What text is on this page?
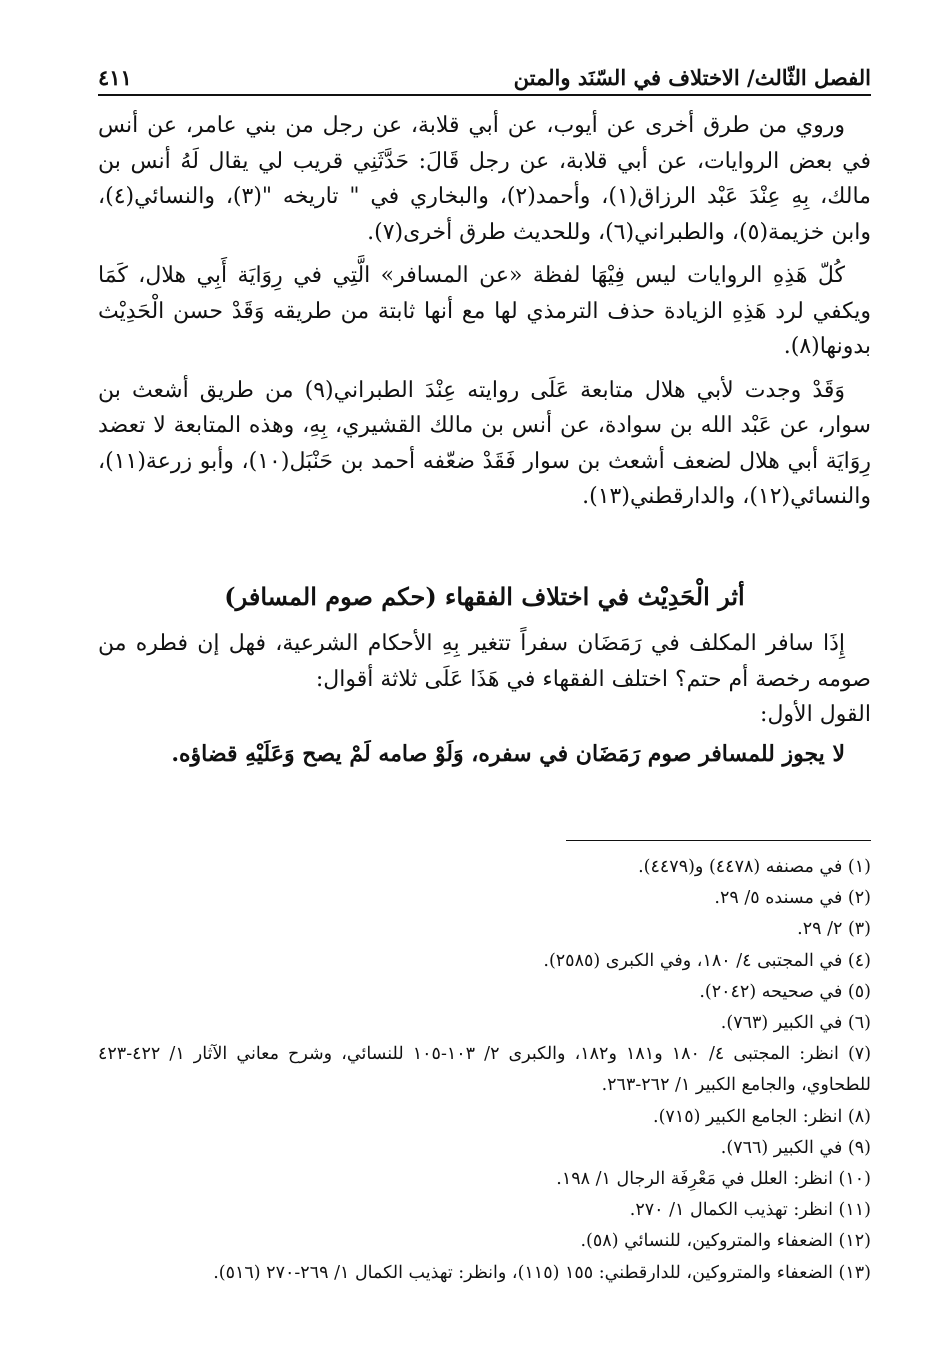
الفصل الثّالث/ الاختلاف في السّنَد والمتن
٤١١

وروي من طرق أخرى عن أيوب، عن أبي قلابة، عن رجل من بني عامر، عن أنس في بعض الروايات، عن أبي قلابة، عن رجل قَالَ: حَدَّثَنِي قريب لي يقال لَهُ أنس بن مالك، بِهِ عِنْدَ عَبْد الرزاق(١)، وأحمد(٢)، والبخاري في " تاريخه "(٣)، والنسائي(٤)، وابن خزيمة(٥)، والطبراني(٦)، وللحديث طرق أخرى(٧).

كُلّ هَذِهِ الروايات ليس فِيْهَا لفظة «عن المسافر» الَّتِي في رِوَايَة أَبِي هلال، كَمَا ويكفي لرد هَذِهِ الزيادة حذف الترمذي لها مع أنها ثابتة من طريقه وَقَدْ حسن الْحَدِيْث بدونها(٨).

وَقَدْ وجدت لأبي هلال متابعة عَلَى روايته عِنْدَ الطبراني(٩) من طريق أشعث بن سوار، عن عَبْد الله بن سوادة، عن أنس بن مالك القشيري، بِهِ، وهذه المتابعة لا تعضد رِوَايَة أبي هلال لضعف أشعث بن سوار فَقَدْ ضعّفه أحمد بن حَنْبَل(١٠)، وأبو زرعة(١١)، والنسائي(١٢)، والدارقطني(١٣).

أثر الْحَدِيْث في اختلاف الفقهاء (حكم صوم المسافر)

إِذَا سافر المكلف في رَمَضَان سفراً تتغير بِهِ الأحكام الشرعية، فهل إن فطره من صومه رخصة أم حتم؟ اختلف الفقهاء في هَذَا عَلَى ثلاثة أقوال:

القول الأول:

لا يجوز للمسافر صوم رَمَضَان في سفره، وَلَوْ صامه لَمْ يصح وَعَلَيْهِ قضاؤه.

(١) في مصنفه (٤٤٧٨) و(٤٤٧٩).

(٢) في مسنده ٥/ ٢٩.

(٣) ٢/ ٢٩.

(٤) في المجتبى ٤/ ١٨٠، وفي الكبرى (٢٥٨٥).

(٥) في صحيحه (٢٠٤٢).

(٦) في الكبير (٧٦٣).

(٧) انظر: المجتبى ٤/ ١٨٠ و١٨١ و١٨٢، والكبرى ٢/ ١٠٣-١٠٥ للنسائي، وشرح معاني الآثار ١/ ٤٢٢-٤٢٣ للطحاوي، والجامع الكبير ١/ ٢٦٢-٢٦٣.

(٨) انظر: الجامع الكبير (٧١٥).

(٩) في الكبير (٧٦٦).

(١٠) انظر: العلل في مَعْرِفَة الرجال ١/ ١٩٨.

(١١) انظر: تهذيب الكمال ١/ ٢٧٠.

(١٢) الضعفاء والمتروكين، للنسائي (٥٨).

(١٣) الضعفاء والمتروكين، للدارقطني: ١٥٥ (١١٥)، وانظر: تهذيب الكمال ١/ ٢٦٩-٢٧٠ (٥١٦).
